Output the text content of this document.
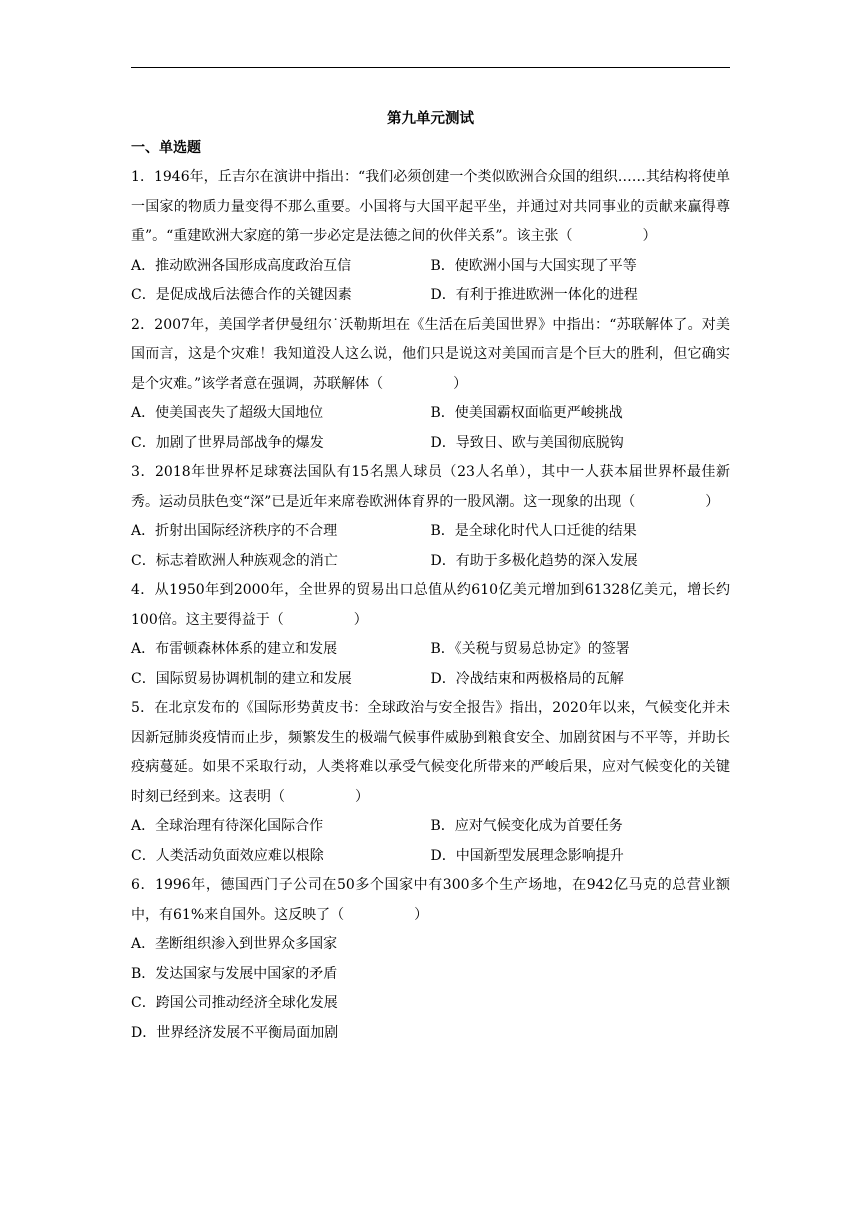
第九单元测试
一、单选题
1．1946年，丘吉尔在演讲中指出：“我们必须创建一个类似欧洲合众国的组织……其结构将使单一国家的物质力量变得不那么重要。小国将与大国平起平坐，并通过对共同事业的贡献来赢得尊重”。“重建欧洲大家庭的第一步必定是法德之间的伙伴关系”。该主张（　　　　　）
A．推动欧洲各国形成高度政治互信	B．使欧洲小国与大国实现了平等
C．是促成战后法德合作的关键因素	D．有利于推进欧洲一体化的进程
2．2007年，美国学者伊曼纽尔˙沃勒斯坦在《生活在后美国世界》中指出：“苏联解体了。对美国而言，这是个灾难！我知道没人这么说，他们只是说这对美国而言是个巨大的胜利，但它确实是个灾难。”该学者意在强调，苏联解体（　　　　　）
A．使美国丧失了超级大国地位	B．使美国霸权面临更严峻挑战
C．加剧了世界局部战争的爆发	D．导致日、欧与美国彻底脱钩
3．2018年世界杯足球赛法国队有15名黑人球员（23人名单），其中一人获本届世界杯最佳新秀。运动员肤色变“深”已是近年来席卷欧洲体育界的一股风潮。这一现象的出现（　　　　　）
A．折射出国际经济秩序的不合理	B．是全球化时代人口迁徙的结果
C．标志着欧洲人种族观念的消亡	D．有助于多极化趋势的深入发展
4．从1950年到2000年，全世界的贸易出口总值从约610亿美元增加到61328亿美元，增长约100倍。这主要得益于（　　　　　）
A．布雷顿森林体系的建立和发展	B．《关税与贸易总协定》的签署
C．国际贸易协调机制的建立和发展	D．冷战结束和两极格局的瓦解
5．在北京发布的《国际形势黄皮书：全球政治与安全报告》指出，2020年以来，气候变化并未因新冠肺炎疫情而止步，频繁发生的极端气候事件威胁到粮食安全、加剧贫困与不平等，并助长疫病蔓延。如果不采取行动，人类将难以承受气候变化所带来的严峻后果，应对气候变化的关键时刻已经到来。这表明（　　　　　）
A．全球治理有待深化国际合作	B．应对气候变化成为首要任务
C．人类活动负面效应难以根除	D．中国新型发展理念影响提升
6．1996年，德国西门子公司在50多个国家中有300多个生产场地，在942亿马克的总营业额中，有61%来自国外。这反映了（　　　　　）
A．垄断组织渗入到世界众多国家
B．发达国家与发展中国家的矛盾
C．跨国公司推动经济全球化发展
D．世界经济发展不平衡局面加剧
